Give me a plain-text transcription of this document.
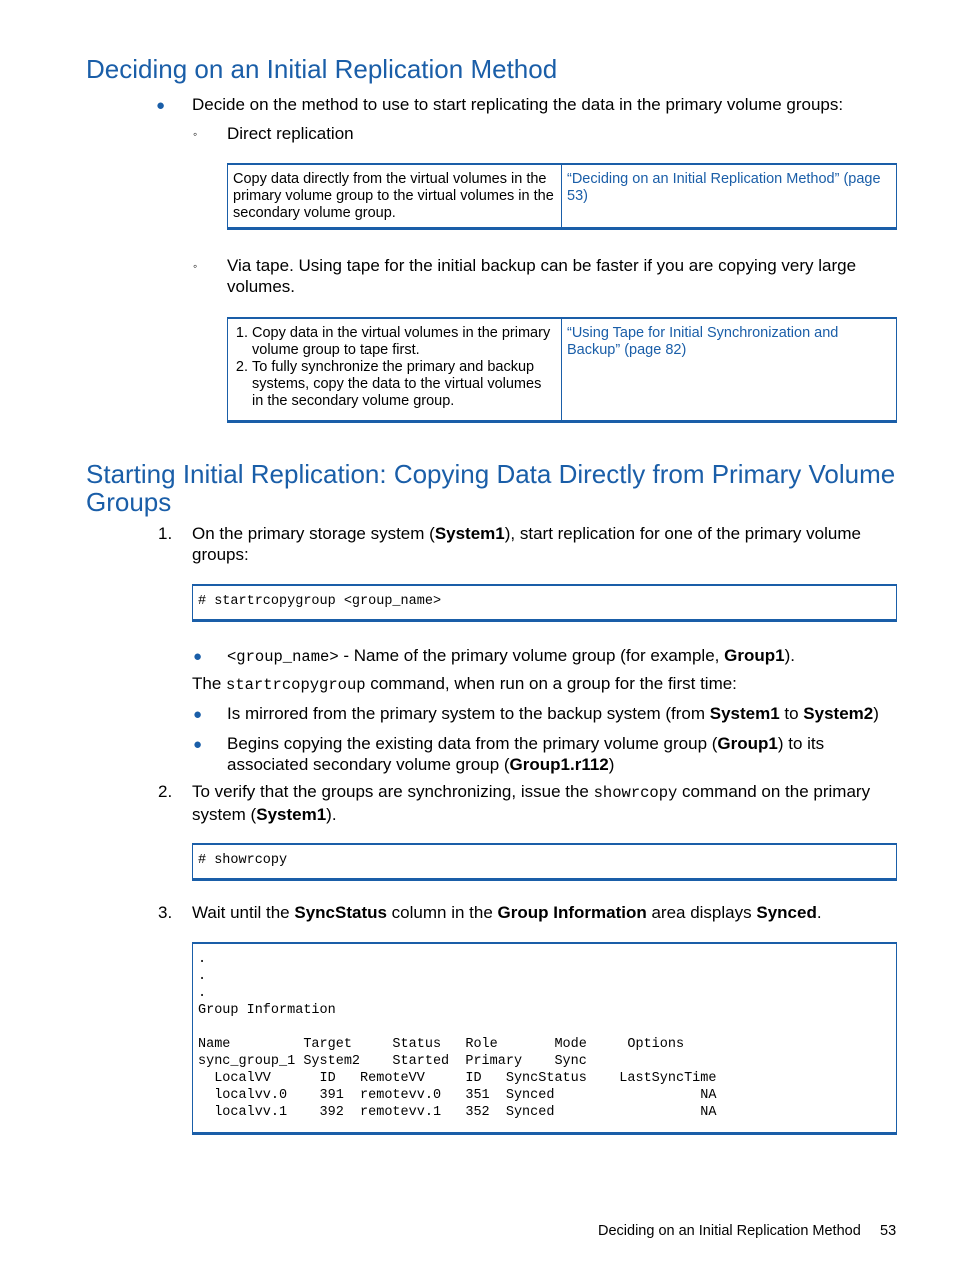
Deciding on an Initial Replication Method
● Decide on the method to use to start replicating the data in the primary volume groups:
◦ Direct replication
Copy data directly from the virtual volumes in the primary volume group to the virtual volumes in the secondary volume group.
“Deciding on an Initial Replication Method” (page 53)
◦ Via tape. Using tape for the initial backup can be faster if you are copying very large volumes.
1. Copy data in the virtual volumes in the primary volume group to tape first.
2. To fully synchronize the primary and backup systems, copy the data to the virtual volumes in the secondary volume group.
“Using Tape for Initial Synchronization and Backup” (page 82)
Starting Initial Replication: Copying Data Directly from Primary Volume Groups
1. On the primary storage system (System1), start replication for one of the primary volume groups:
# startrcopygroup <group_name>
● <group_name> - Name of the primary volume group (for example, Group1).
The startrcopygroup command, when run on a group for the first time:
● Is mirrored from the primary system to the backup system (from System1 to System2)
● Begins copying the existing data from the primary volume group (Group1) to its associated secondary volume group (Group1.r112)
2. To verify that the groups are synchronizing, issue the showrcopy command on the primary system (System1).
# showrcopy
3. Wait until the SyncStatus column in the Group Information area displays Synced.
.
.
.
Group Information

Name         Target     Status   Role       Mode     Options
sync_group_1 System2    Started  Primary    Sync
LocalVV      ID   RemoteVV     ID   SyncStatus    LastSyncTime
localvv.0    391  remotevv.0   351  Synced                  NA
localvv.1    392  remotevv.1   352  Synced                  NA
Deciding on an Initial Replication Method 53
